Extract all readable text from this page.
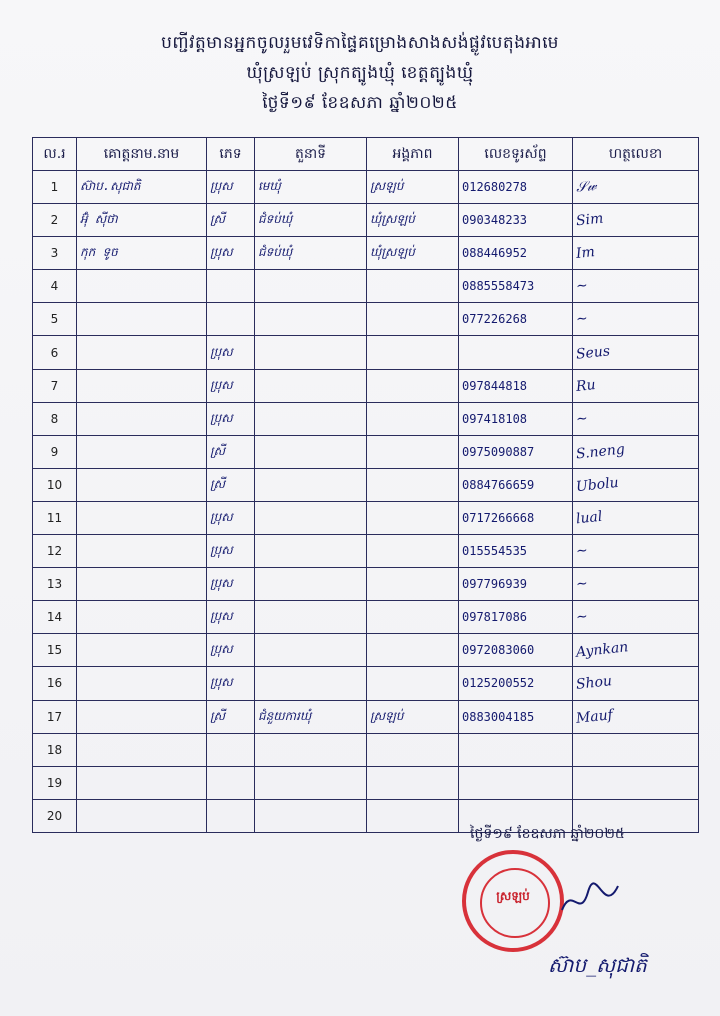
បញ្ជីវត្តមានអ្នកចូលរួមវេទិកាផ្ទៃគម្រោងសាងសង់ផ្លូវបេតុងអាមេ
ឃុំស្រឡប់ ស្រុកត្បូងឃ្មុំ ខេត្តត្បូងឃ្មុំ
ថ្ងៃទី១៩ ខែឧសភា ឆ្នាំ២០២៥
ល.រ	គោត្តនាម.នាម	ភេទ	តួនាទី	អង្គភាព	លេខទូរស័ព្ទ	ហត្ថលេខា
1	ស៊ាប.សុជាតិ	ប្រុស	មេឃុំ	ស្រឡប់	012680278	𝒮𝓌
2	អ៊ុំ ស៊ីថា	ស្រី	ជំទប់ឃុំ	ឃុំស្រឡប់	090348233	Sim
3	កុក ទូច	ប្រុស	ជំទប់ឃុំ	ឃុំស្រឡប់	088446952	Im
4					0885558473	~
5					077226268	~
6		ប្រុស				Seus
7		ប្រុស			097844818	Ru
8		ប្រុស			097418108	~
9		ស្រី			0975090887	S.neng
10		ស្រី			0884766659	Ubolu
11		ប្រុស			0717266668	lual
12		ប្រុស			015554535	~
13		ប្រុស			097796939	~
14		ប្រុស			097817086	~
15		ប្រុស			0972083060	Aynkan
16		ប្រុស			0125200552	Shou
17		ស្រី	ជំនួយការឃុំ	ស្រឡប់	0883004185	Mauf
18						
19						
20						
ថ្ងៃទី១៩ ខែឧសភា ឆ្នាំ២០២៥
ស្រឡប់
ស៊ាប_សុជាតិ
